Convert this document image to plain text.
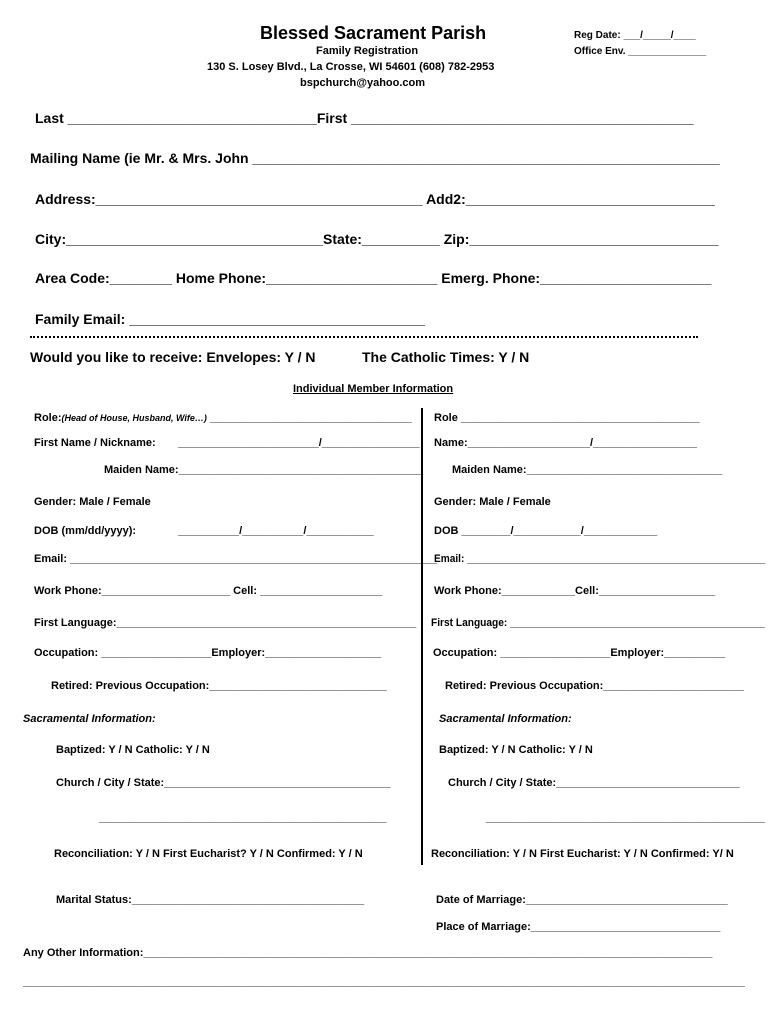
Blessed Sacrament Parish
Family Registration
130 S. Losey Blvd., La Crosse, WI 54601 (608) 782-2953
bspchurch@yahoo.com
Reg Date: ___/_____/____
Office Env. ______________
Last ________________________________First ____________________________________________
Mailing Name (ie Mr. & Mrs. John ____________________________________________________________
Address:__________________________________________ Add2:________________________________
City:_________________________________State:__________ Zip:________________________________
Area Code:________ Home Phone:______________________ Emerg. Phone:______________________
Family Email: ______________________________________
Would you like to receive: Envelopes: Y / N	The Catholic Times: Y / N
Individual Member Information
Role:(Head of House, Husband, Wife…) _________________________________
First Name / Nickname: _______________________/________________
Maiden Name:________________________________________
Gender: Male / Female
DOB (mm/dd/yyyy):	__________/__________/___________
Email: ____________________________________________________________
Work Phone:_____________________ Cell: ____________________
First Language:_________________________________________________
Occupation: __________________Employer:___________________
Retired: Previous Occupation:_____________________________
Sacramental Information:
Baptized: Y / N Catholic: Y / N
Church / City / State:_____________________________________
_______________________________________________
Reconciliation: Y / N First Eucharist? Y / N Confirmed: Y / N
Marital Status:______________________________________
Role _______________________________________
Name:____________________/_________________
Maiden Name:________________________________
Gender: Male / Female
DOB ________/___________/____________
Email: _____________________________________________________
Work Phone:____________Cell:___________________
First Language: _____________________________________________
Occupation: __________________Employer:__________
Retired: Previous Occupation:_______________________
Sacramental Information:
Baptized: Y / N Catholic: Y / N
Church / City / State:______________________________
__________________________________________________
Reconciliation: Y / N First Eucharist: Y / N Confirmed: Y/ N
Date of Marriage:_________________________________
Place of Marriage:_______________________________
Any Other Information:_____________________________________________________________________________________________
______________________________________________________________________________________________________________________
